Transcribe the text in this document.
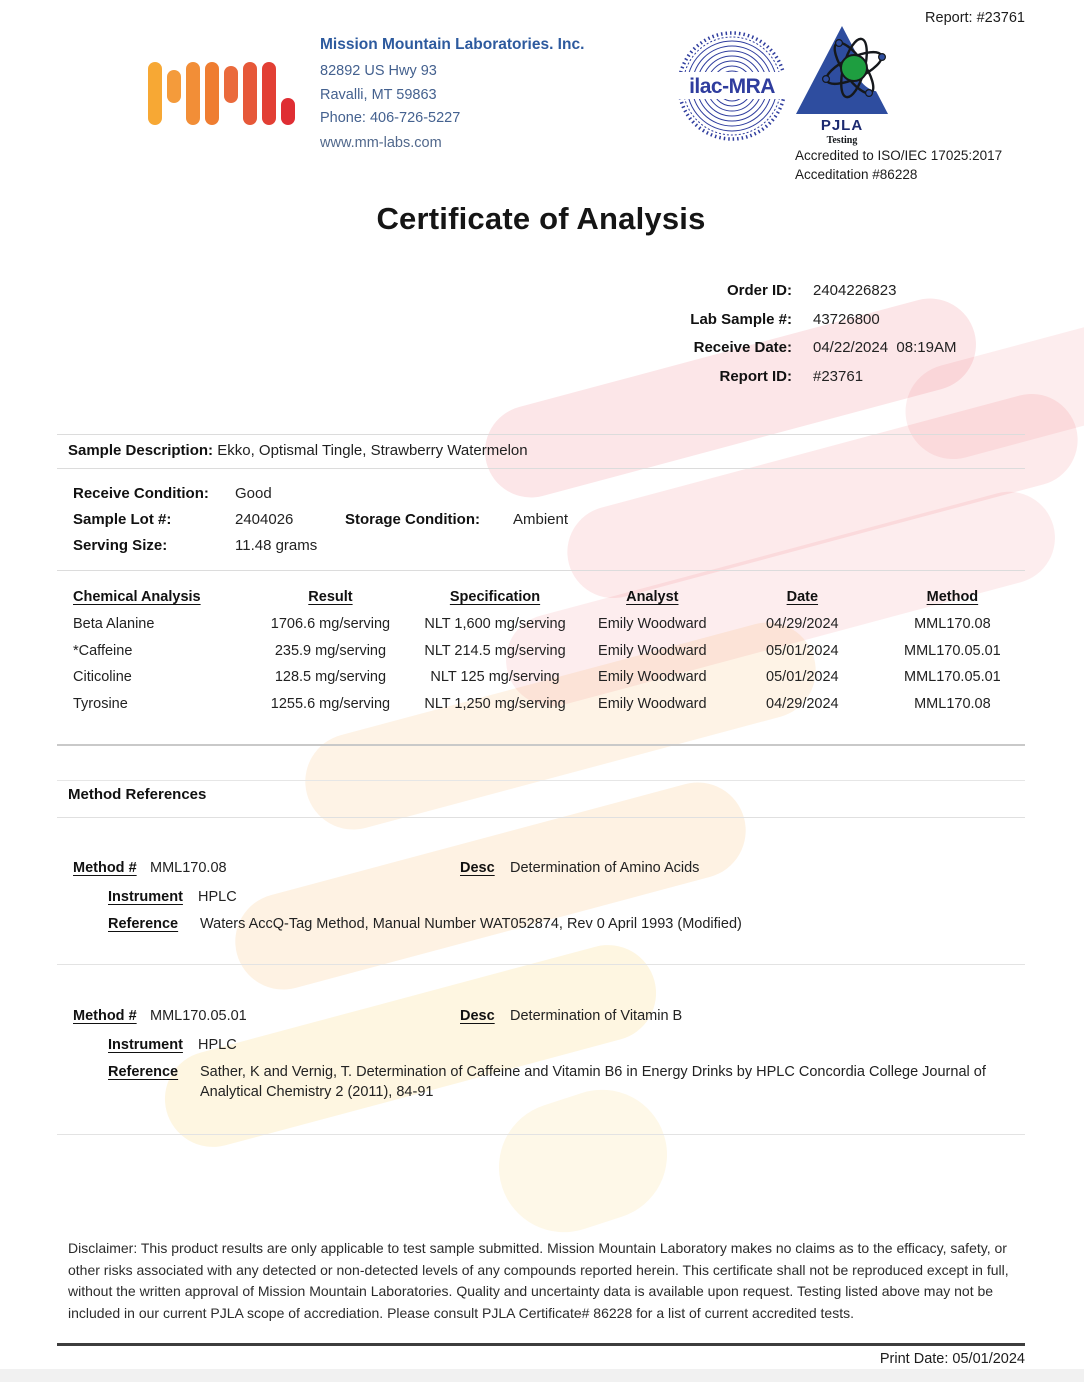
Report: #23761
Mission Mountain Laboratories. Inc.
82892 US Hwy 93
Ravalli, MT 59863
Phone: 406-726-5227
www.mm-labs.com
ilac-MRA
PJLA
Testing
Accredited to ISO/IEC 17025:2017
Acceditation #86228
Certificate of Analysis
Order ID: 2404226823
Lab Sample #: 43726800
Receive Date: 04/22/2024  08:19AM
Report ID: #23761
Sample Description: Ekko, Optismal Tingle, Strawberry Watermelon
Receive Condition: Good
Sample Lot #:	2404026	Storage Condition: Ambient
Serving Size:	11.48 grams
Chemical Analysis	Result	Specification	Analyst	Date	Method
Beta Alanine	1706.6 mg/serving	NLT 1,600 mg/serving	Emily Woodward	04/29/2024	MML170.08
*Caffeine	235.9 mg/serving	NLT 214.5 mg/serving	Emily Woodward	05/01/2024	MML170.05.01
Citicoline	128.5 mg/serving	NLT 125 mg/serving	Emily Woodward	05/01/2024	MML170.05.01
Tyrosine	1255.6 mg/serving	NLT 1,250 mg/serving	Emily Woodward	04/29/2024	MML170.08
Method References
Method # MML170.08	Desc Determination of Amino Acids
Instrument HPLC
Reference Waters AccQ-Tag Method, Manual Number WAT052874, Rev 0 April 1993 (Modified)
Method # MML170.05.01	Desc Determination of Vitamin B
Instrument HPLC
Reference Sather, K and Vernig, T. Determination of Caffeine and Vitamin B6 in Energy Drinks by HPLC Concordia College Journal of Analytical Chemistry 2 (2011), 84-91
Disclaimer: This product results are only applicable to test sample submitted. Mission Mountain Laboratory makes no claims as to the efficacy, safety, or other risks associated with any detected or non-detected levels of any compounds reported herein. This certificate shall not be reproduced except in full, without the written approval of Mission Mountain Laboratories. Quality and uncertainty data is available upon request. Testing listed above may not be included in our current PJLA scope of accrediation. Please consult PJLA Certificate# 86228 for a list of current accredited tests.
Print Date: 05/01/2024
